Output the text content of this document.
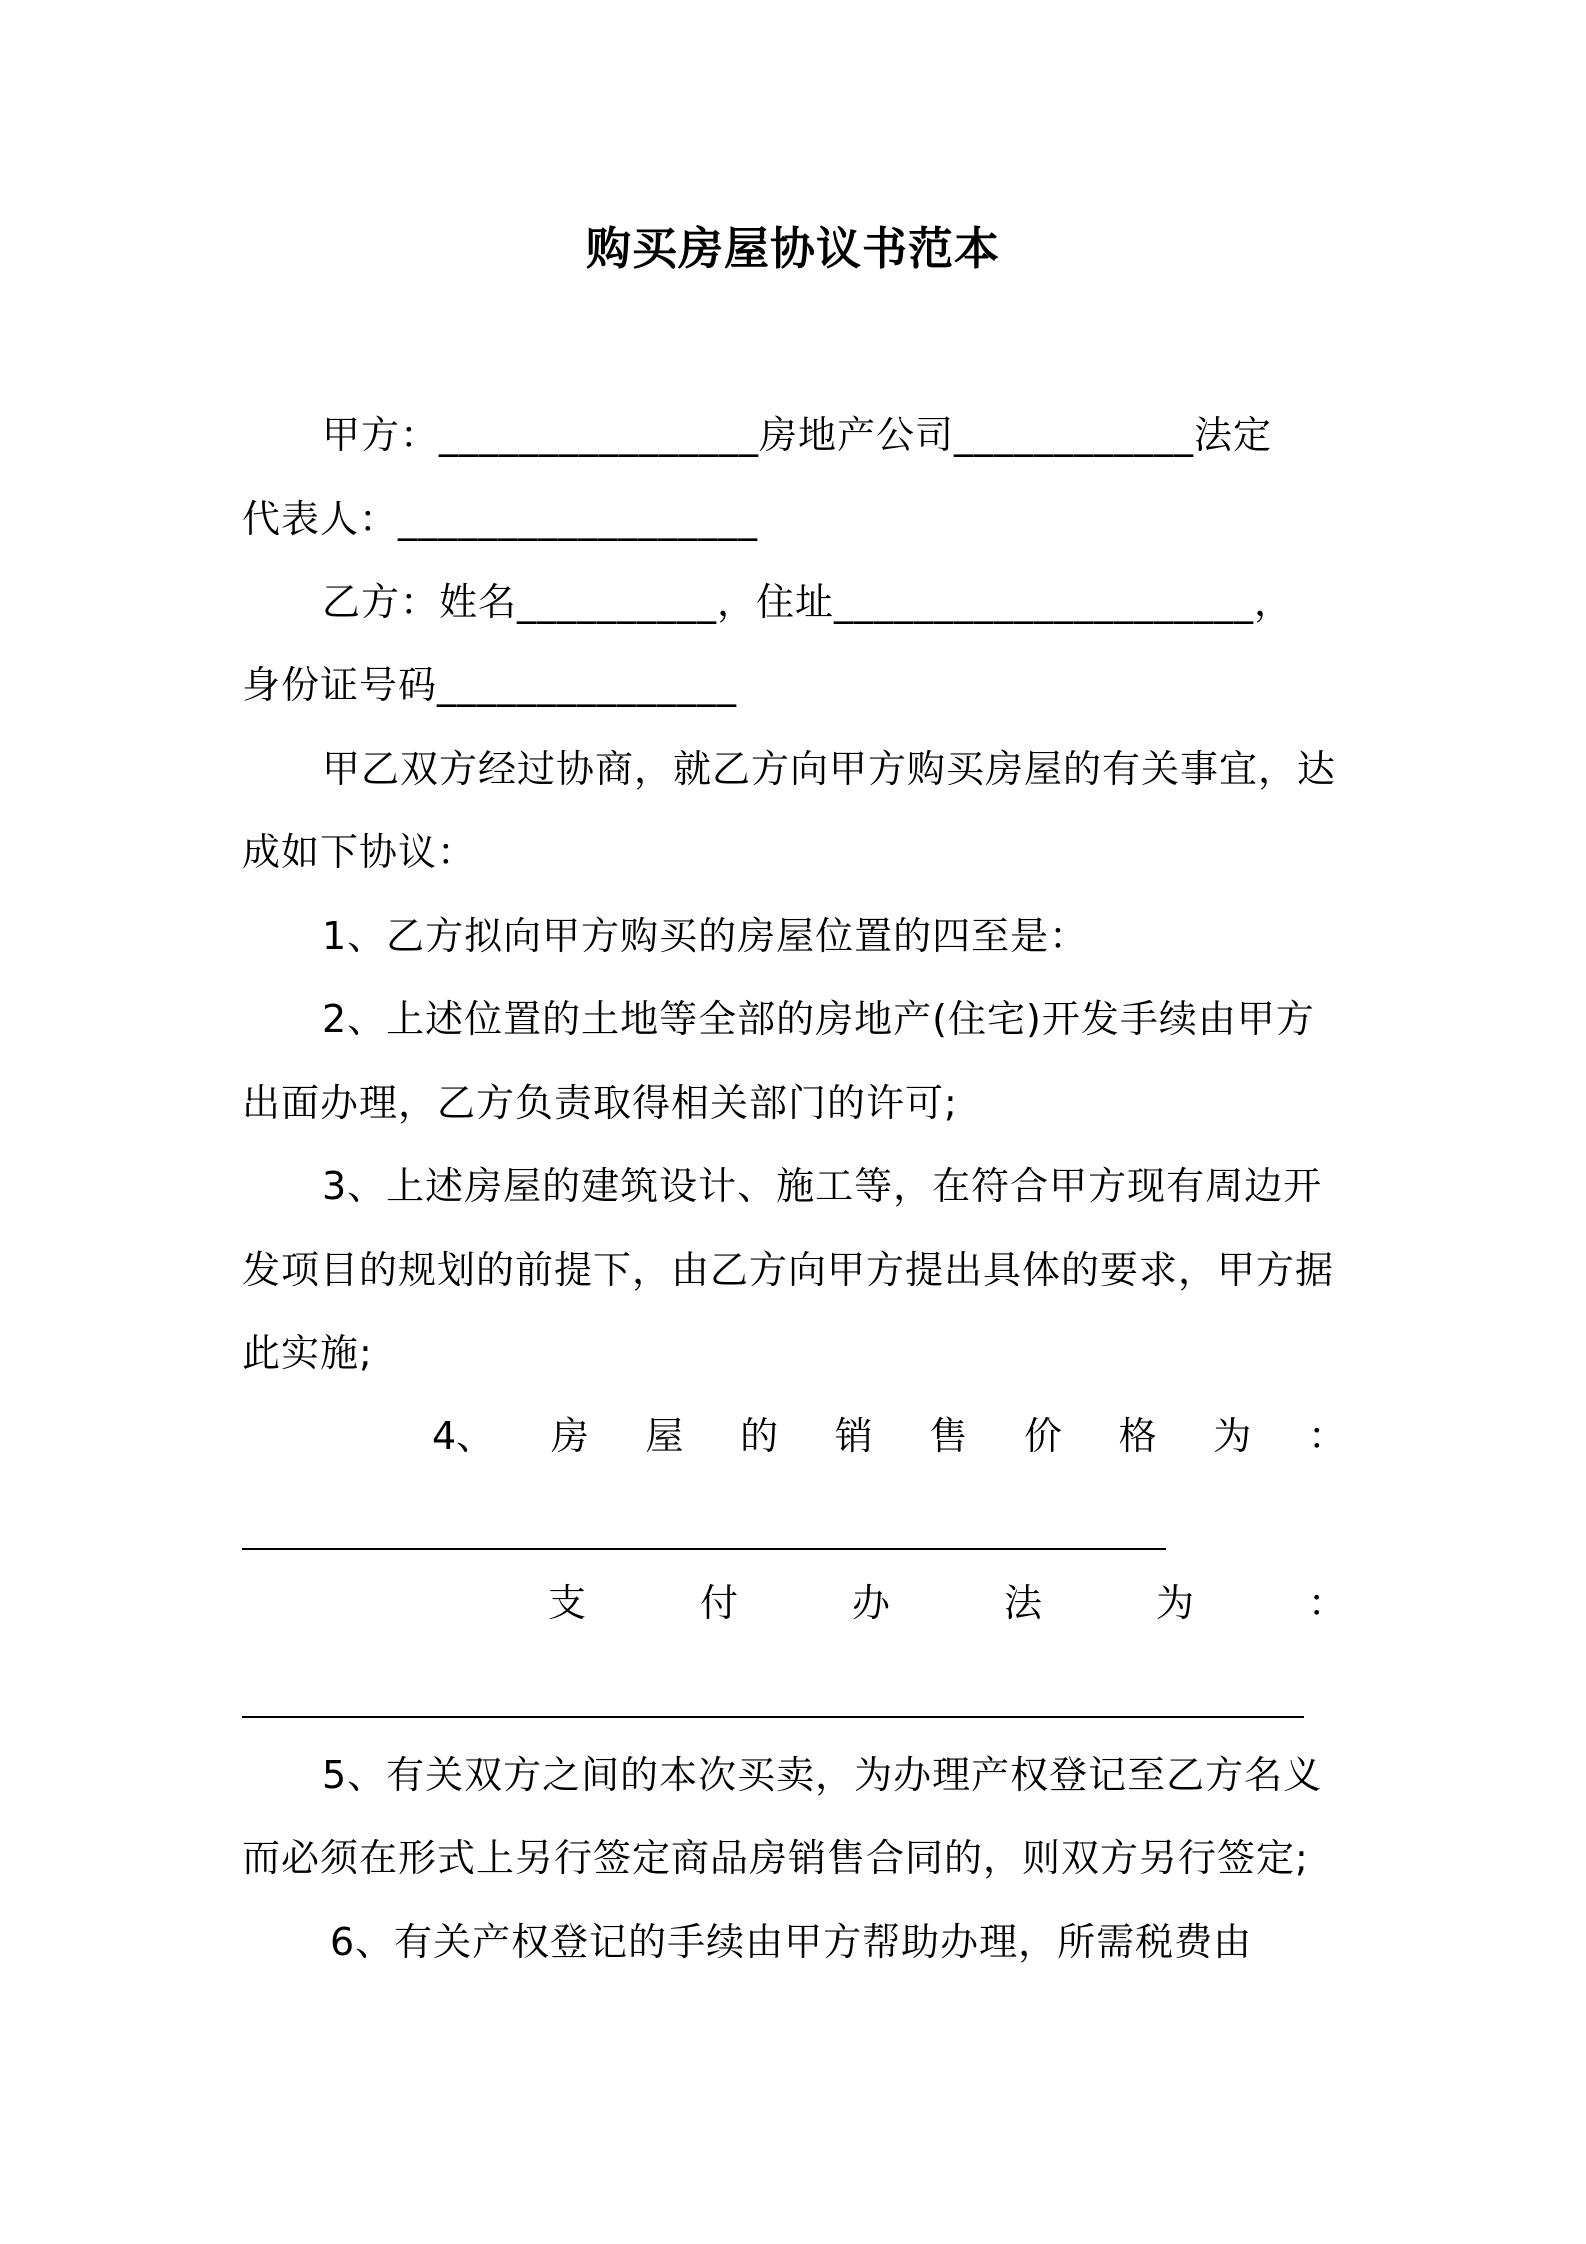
购买房屋协议书范本
甲方：________________房地产公司____________法定
代表人：__________________
乙方：姓名__________，住址_____________________，
身份证号码_______________
甲乙双方经过协商，就乙方向甲方购买房屋的有关事宜，达
成如下协议：
1、乙方拟向甲方购买的房屋位置的四至是：
2、上述位置的土地等全部的房地产(住宅)开发手续由甲方
出面办理，乙方负责取得相关部门的许可;
3、上述房屋的建筑设计、施工等，在符合甲方现有周边开
发项目的规划的前提下，由乙方向甲方提出具体的要求，甲方据
此实施;
4、 房 屋 的 销 售 价 格 为 ：
支	付	办	法	为	：
5、有关双方之间的本次买卖，为办理产权登记至乙方名义
而必须在形式上另行签定商品房销售合同的，则双方另行签定;
6、有关产权登记的手续由甲方帮助办理，所需税费由
